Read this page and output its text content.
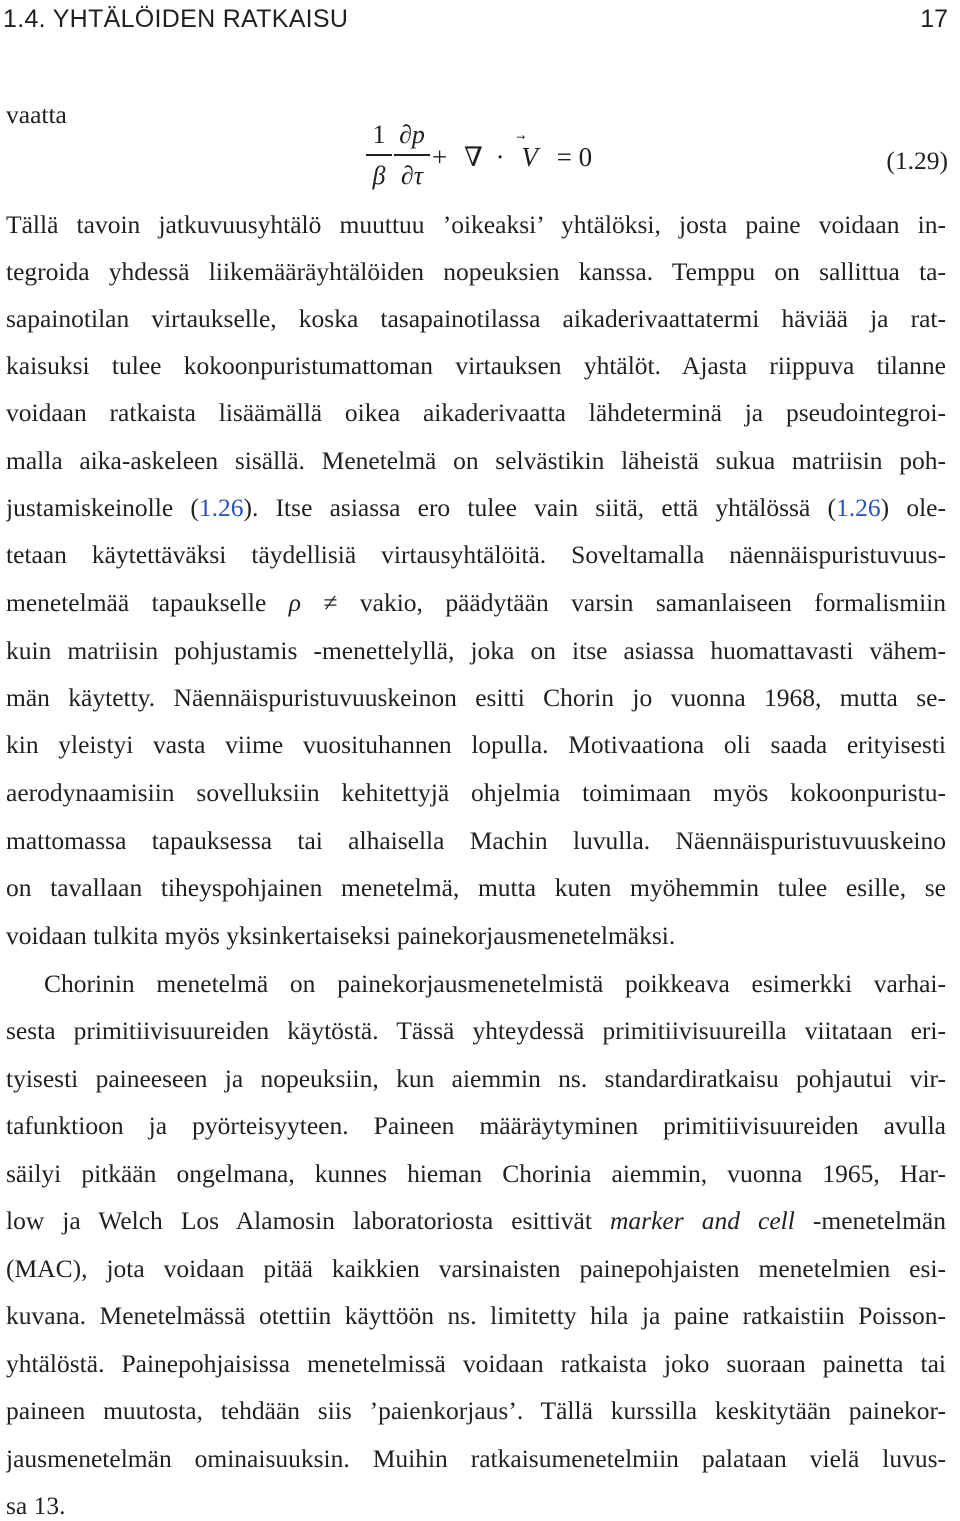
1.4. YHTÄLÖIDEN RATKAISU	17
vaatta
1
β
∂p
∂τ
+ ∇ · V = 0	(1.29)
Tällä tavoin jatkuvuusyhtälö muuttuu ’oikeaksi’ yhtälöksi, josta paine voidaan in-
tegroida yhdessä liikemääräyhtälöiden nopeuksien kanssa. Temppu on sallittua ta-
sapainotilan virtaukselle, koska tasapainotilassa aikaderivaattatermi häviää ja rat-
kaisuksi tulee kokoonpuristumattoman virtauksen yhtälöt. Ajasta riippuva tilanne
voidaan ratkaista lisäämällä oikea aikaderivaatta lähdeterminä ja pseudointegroi-
malla aika-askeleen sisällä. Menetelmä on selvästikin läheistä sukua matriisin poh-
justamiskeinolle (1.26). Itse asiassa ero tulee vain siitä, että yhtälössä (1.26) ole-
tetaan käytettäväksi täydellisiä virtausyhtälöitä. Soveltamalla näennäispuristuvuus-
menetelmää tapaukselle ρ ≠ vakio, päädytään varsin samanlaiseen formalismiin
kuin matriisin pohjustamis -menettelyllä, joka on itse asiassa huomattavasti vähem-
män käytetty. Näennäispuristuvuuskeinon esitti Chorin jo vuonna 1968, mutta se-
kin yleistyi vasta viime vuosituhannen lopulla. Motivaationa oli saada erityisesti
aerodynaamisiin sovelluksiin kehitettyjä ohjelmia toimimaan myös kokoonpuristu-
mattomassa tapauksessa tai alhaisella Machin luvulla. Näennäispuristuvuuskeino
on tavallaan tiheyspohjainen menetelmä, mutta kuten myöhemmin tulee esille, se
voidaan tulkita myös yksinkertaiseksi painekorjausmenetelmäksi.
Chorinin menetelmä on painekorjausmenetelmistä poikkeava esimerkki varhai-
sesta primitiivisuureiden käytöstä. Tässä yhteydessä primitiivisuureilla viitataan eri-
tyisesti paineeseen ja nopeuksiin, kun aiemmin ns. standardiratkaisu pohjautui vir-
tafunktioon ja pyörteisyyteen. Paineen määräytyminen primitiivisuureiden avulla
säilyi pitkään ongelmana, kunnes hieman Chorinia aiemmin, vuonna 1965, Har-
low ja Welch Los Alamosin laboratoriosta esittivät marker and cell -menetelmän
(MAC), jota voidaan pitää kaikkien varsinaisten painepohjaisten menetelmien esi-
kuvana. Menetelmässä otettiin käyttöön ns. limitetty hila ja paine ratkaistiin Poisson-
yhtälöstä. Painepohjaisissa menetelmissä voidaan ratkaista joko suoraan painetta tai
paineen muutosta, tehdään siis ’paienkorjaus’. Tällä kurssilla keskitytään painekor-
jausmenetelmän ominaisuuksin. Muihin ratkaisumenetelmiin palataan vielä luvus-
sa 13.
